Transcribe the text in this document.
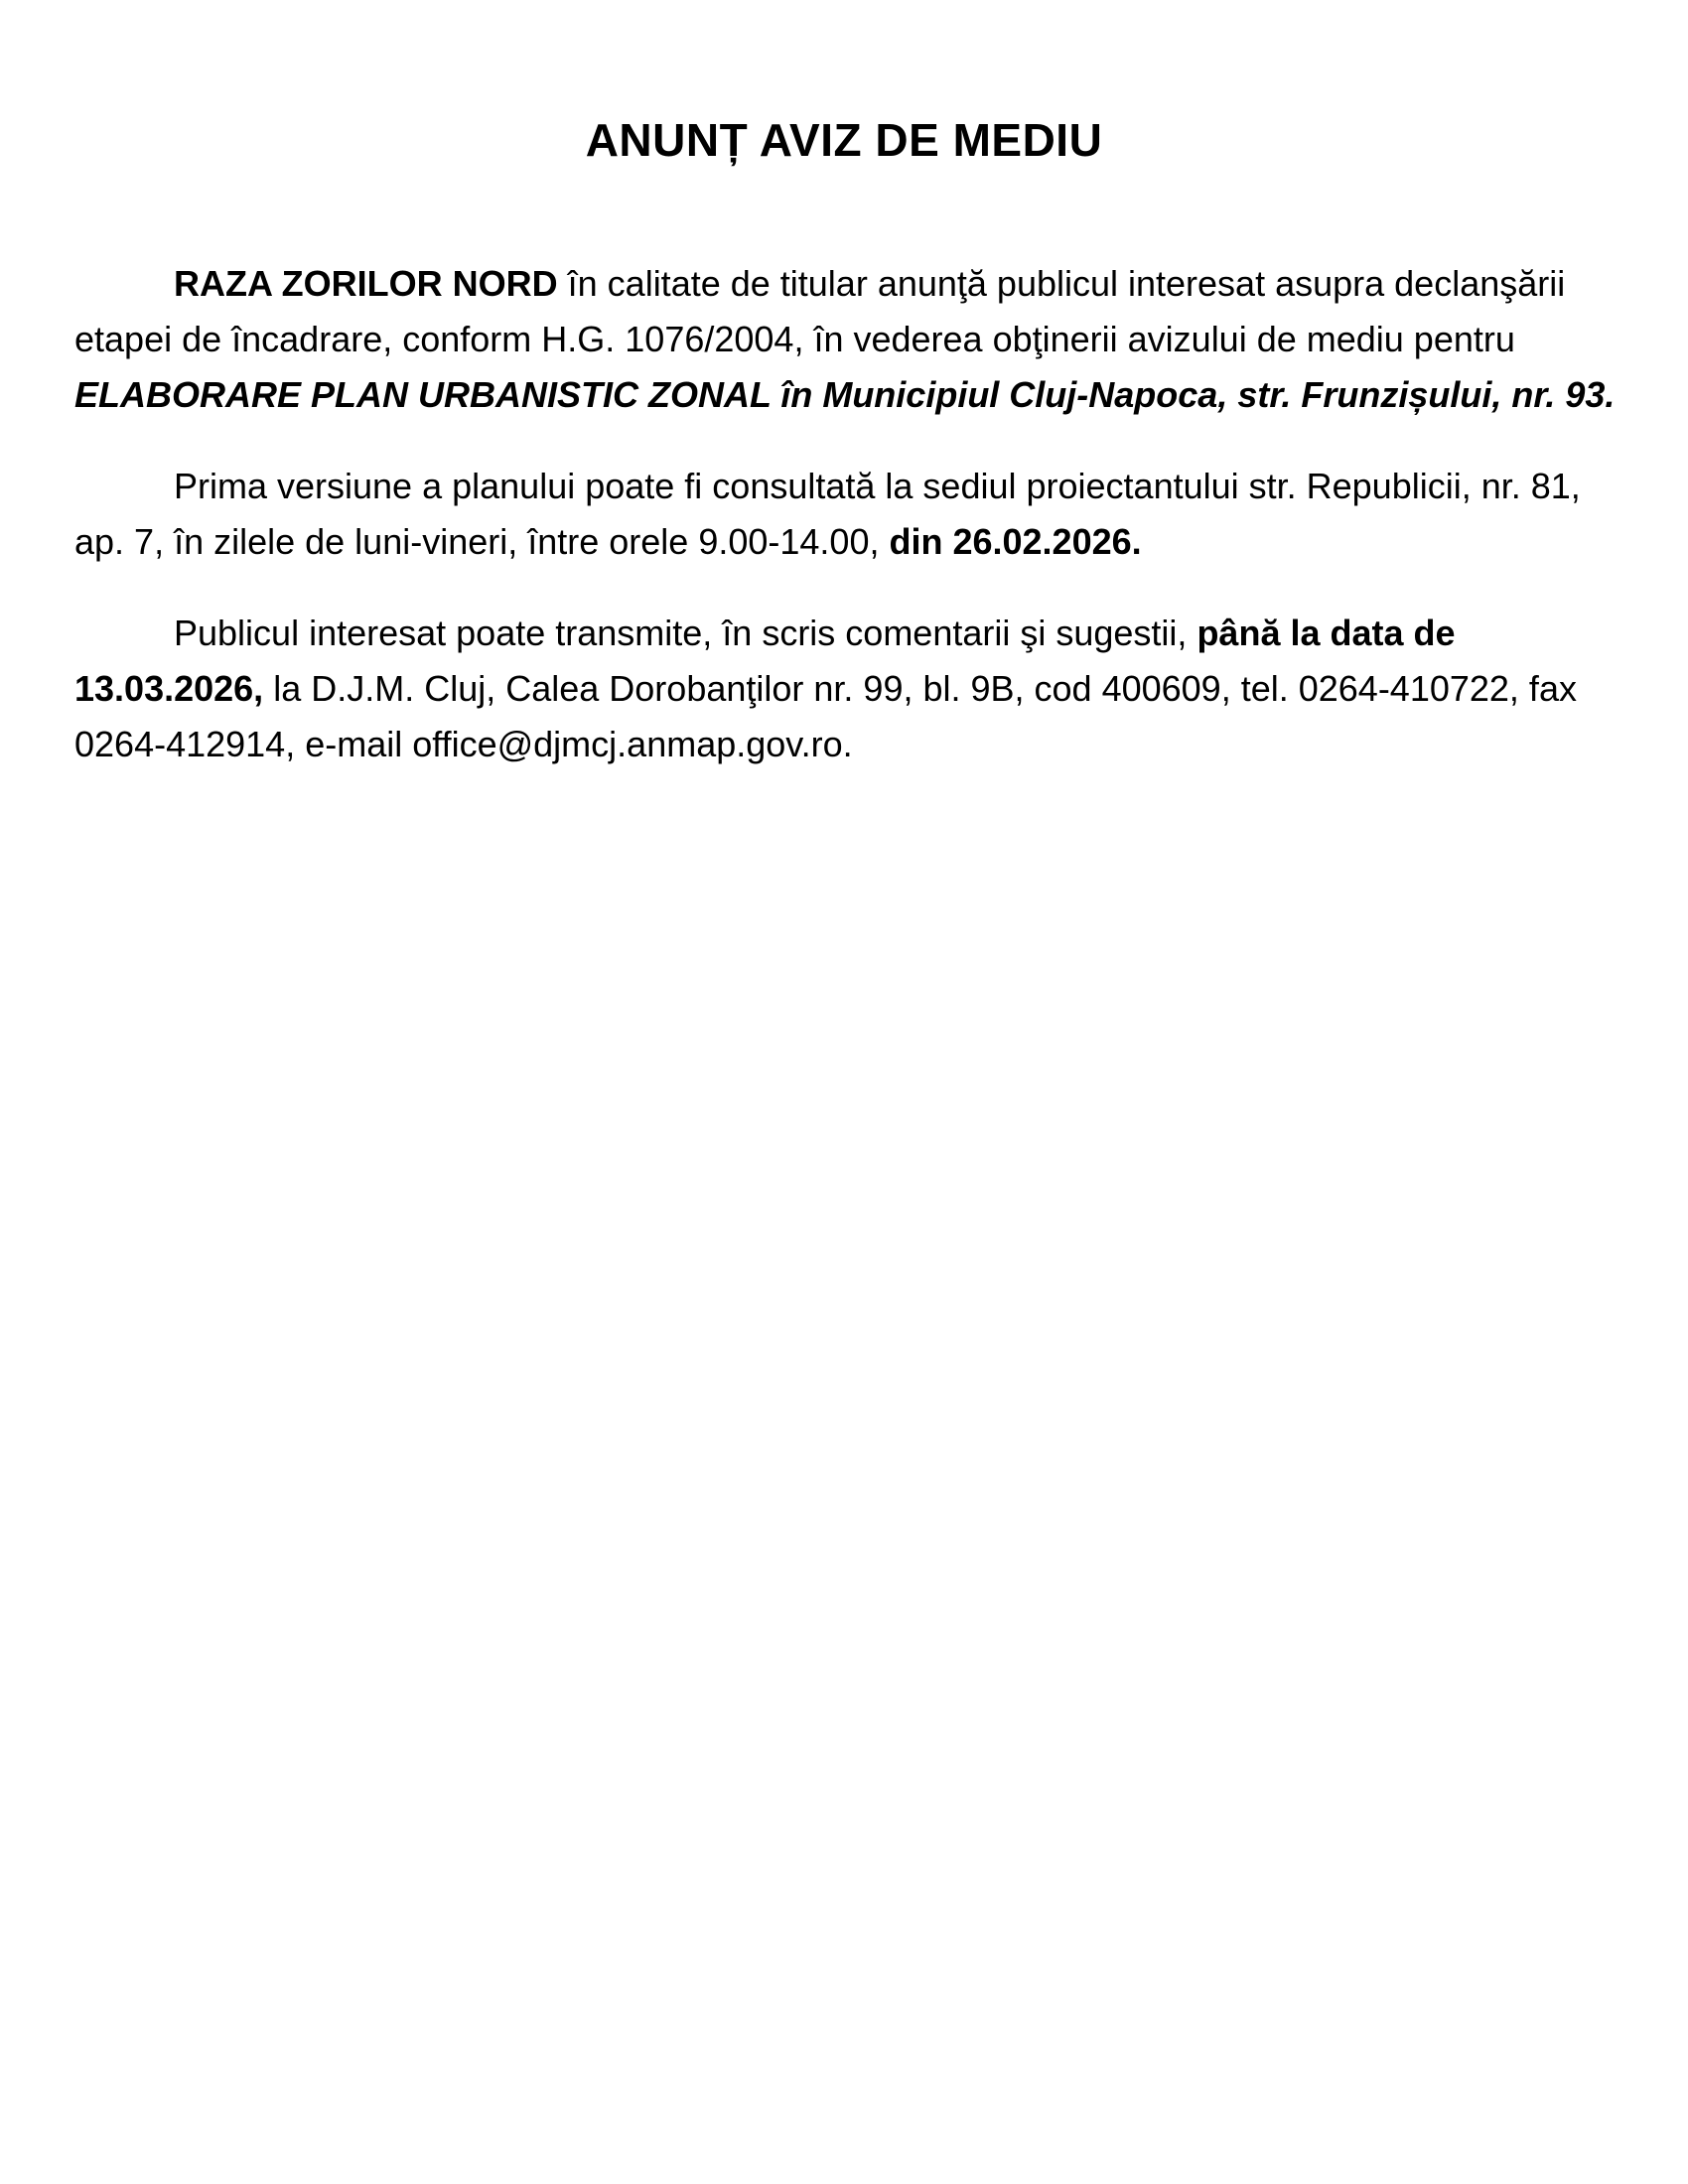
ANUNȚ AVIZ DE MEDIU

RAZA ZORILOR NORD în calitate de titular anunţă publicul interesat asupra declanşării etapei de încadrare, conform H.G. 1076/2004, în vederea obţinerii avizului de mediu pentru ELABORARE PLAN URBANISTIC ZONAL în Municipiul Cluj-Napoca, str. Frunzișului, nr. 93.

Prima versiune a planului poate fi consultată la sediul proiectantului str. Republicii, nr. 81, ap. 7, în zilele de luni-vineri, între orele 9.00-14.00, din 26.02.2026.

Publicul interesat poate transmite, în scris comentarii şi sugestii, până la data de 13.03.2026, la D.J.M. Cluj, Calea Dorobanţilor nr. 99, bl. 9B, cod 400609, tel. 0264-410722, fax 0264-412914, e-mail office@djmcj.anmap.gov.ro.
